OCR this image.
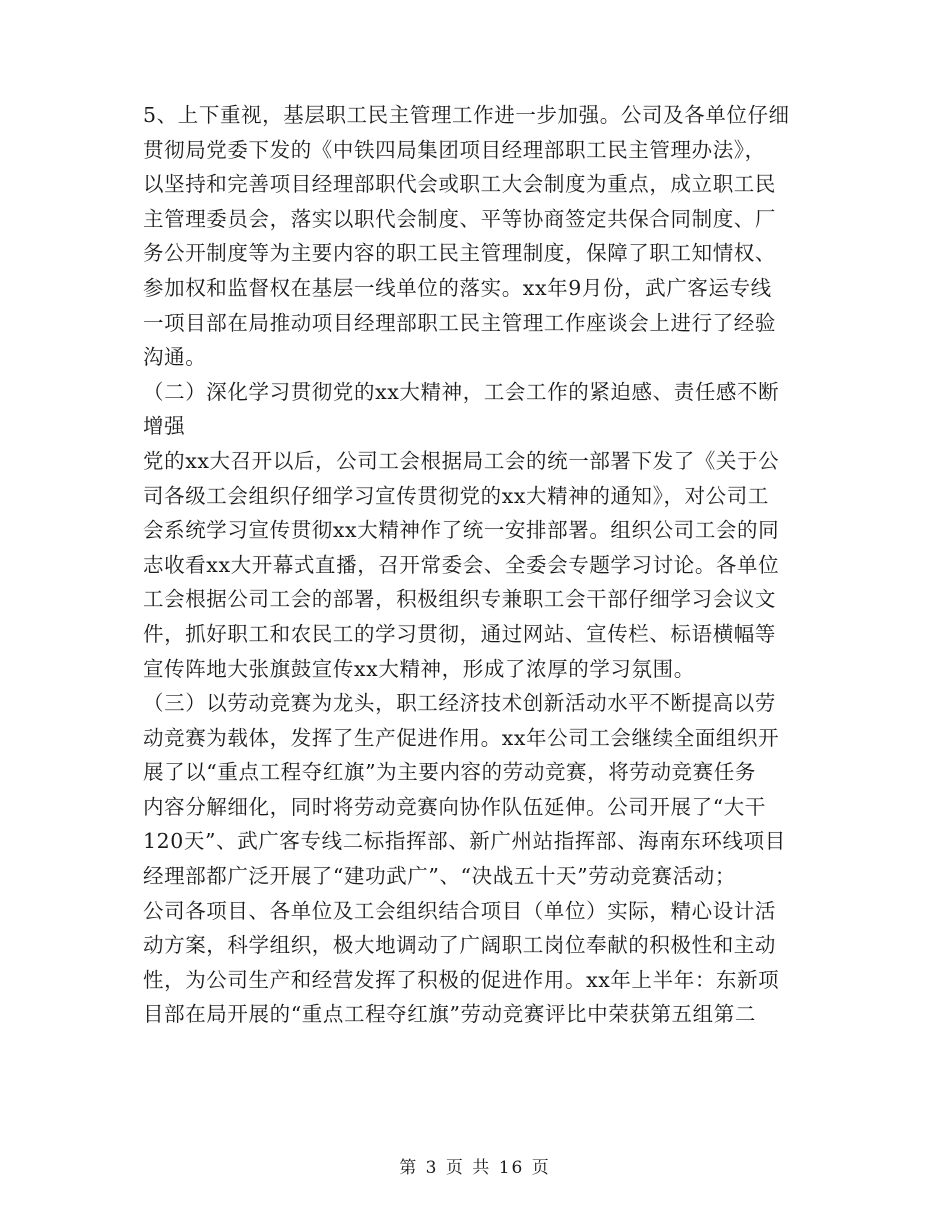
5、上下重视，基层职工民主管理工作进一步加强。公司及各单位仔细
贯彻局党委下发的《中铁四局集团项目经理部职工民主管理办法》，
以坚持和完善项目经理部职代会或职工大会制度为重点，成立职工民
主管理委员会，落实以职代会制度、平等协商签定共保合同制度、厂
务公开制度等为主要内容的职工民主管理制度，保障了职工知情权、
参加权和监督权在基层一线单位的落实。xx年9月份，武广客运专线
一项目部在局推动项目经理部职工民主管理工作座谈会上进行了经验
沟通。
（二）深化学习贯彻党的xx大精神，工会工作的紧迫感、责任感不断
增强
党的xx大召开以后，公司工会根据局工会的统一部署下发了《关于公
司各级工会组织仔细学习宣传贯彻党的xx大精神的通知》，对公司工
会系统学习宣传贯彻xx大精神作了统一安排部署。组织公司工会的同
志收看xx大开幕式直播，召开常委会、全委会专题学习讨论。各单位
工会根据公司工会的部署，积极组织专兼职工会干部仔细学习会议文
件，抓好职工和农民工的学习贯彻，通过网站、宣传栏、标语横幅等
宣传阵地大张旗鼓宣传xx大精神，形成了浓厚的学习氛围。
（三）以劳动竞赛为龙头，职工经济技术创新活动水平不断提高以劳
动竞赛为载体，发挥了生产促进作用。xx年公司工会继续全面组织开
展了以“重点工程夺红旗”为主要内容的劳动竞赛，将劳动竞赛任务
内容分解细化，同时将劳动竞赛向协作队伍延伸。公司开展了“大干
120天”、武广客专线二标指挥部、新广州站指挥部、海南东环线项目
经理部都广泛开展了“建功武广”、“决战五十天”劳动竞赛活动；
公司各项目、各单位及工会组织结合项目（单位）实际，精心设计活
动方案，科学组织，极大地调动了广阔职工岗位奉献的积极性和主动
性，为公司生产和经营发挥了积极的促进作用。xx年上半年：东新项
目部在局开展的“重点工程夺红旗”劳动竞赛评比中荣获第五组第二
第 3 页 共 16 页
